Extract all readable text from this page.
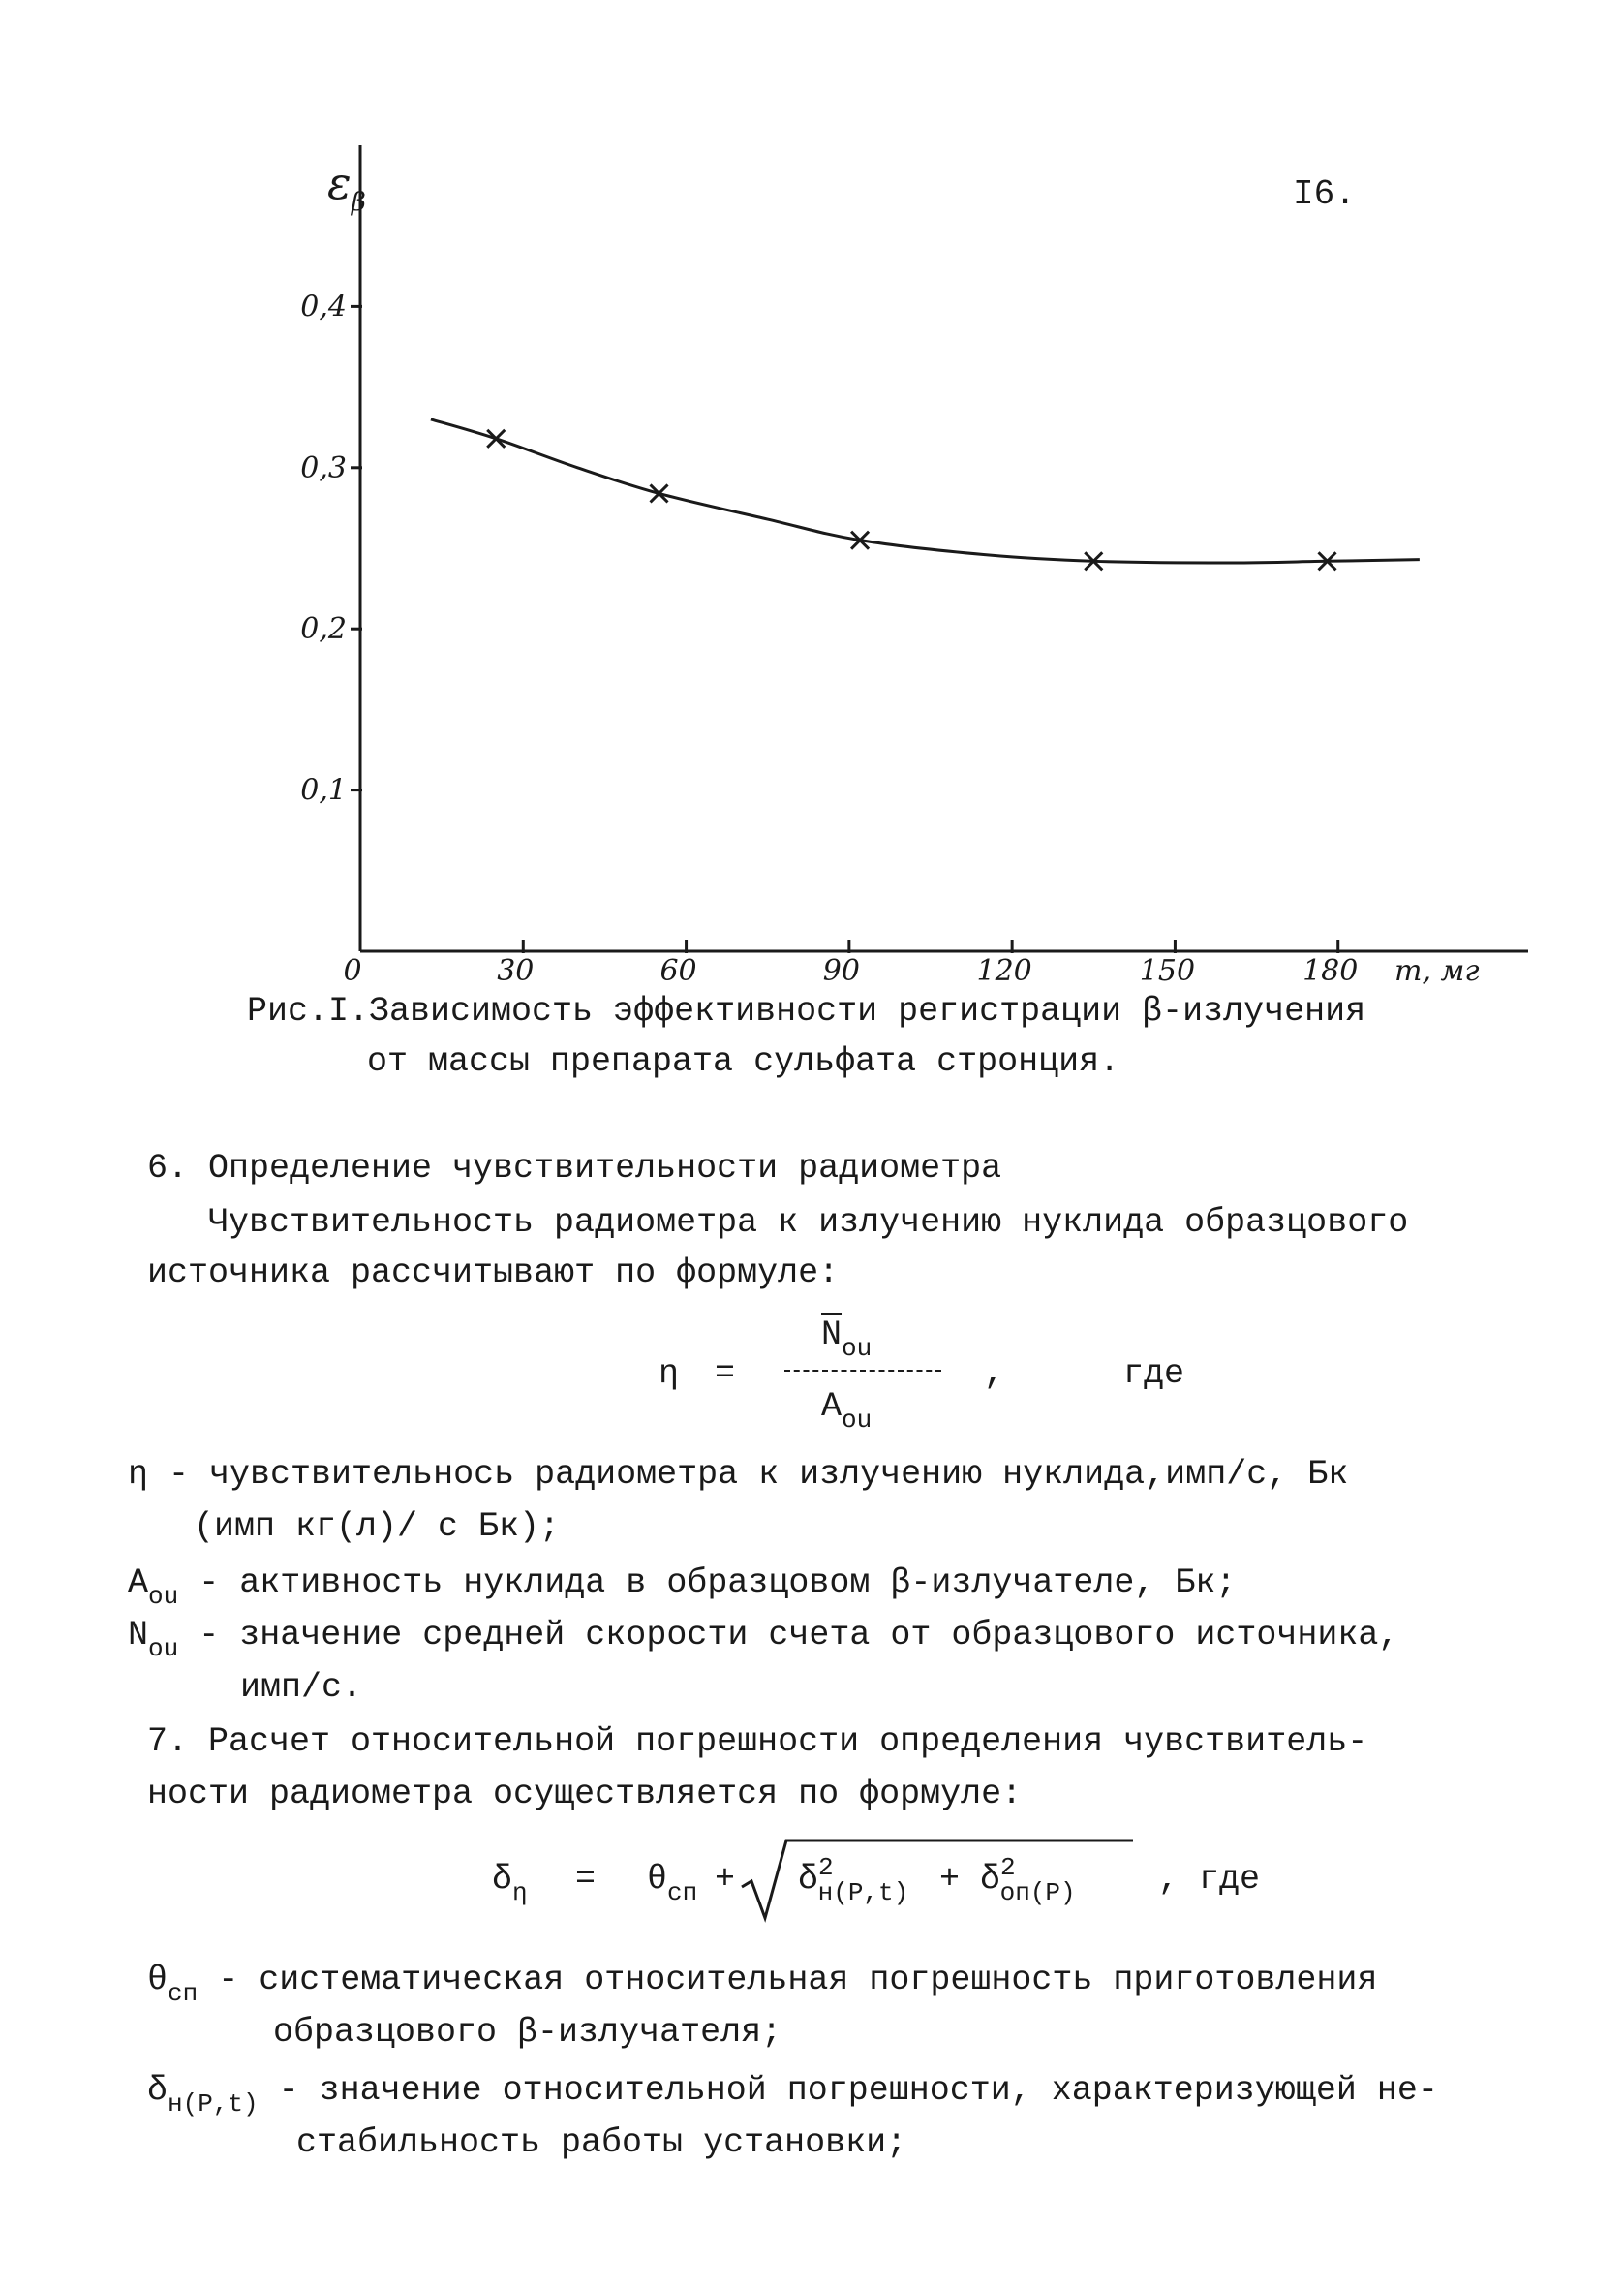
I6.
$\varepsilon_\beta$
m, мг
0,1
0,2
0,3
0,4
0	30	60	90	120	150	180
Рис.I.Зависимость эффективности регистрации β-излучения
от массы препарата сульфата стронция.
6. Определение чувствительности радиометра
Чувствительность радиометра к излучению нуклида образцового
источника рассчитывают по формуле:
η =
$\overline{N}_{ou}$
$A_{ou}$
,	где
η - чувствительнось радиометра к излучению нуклида,имп/с, Бк
(имп кг(л)/ с Бк);
$A_{ou}$ - активность нуклида в образцовом β-излучателе, Бк;
$N_{ou}$ - значение средней скорости счета от образцового источника,
имп/с.
7. Расчет относительной погрешности определения чувствитель-
ности радиометра осуществляется по формуле:
$\delta_\eta = \theta_{сп} + \delta^2_{н(P,t)} + \delta^2_{оп(P)}$ , где
$\theta_{сп}$ - систематическая относительная погрешность приготовления
образцового β-излучателя;
$\delta_{н(P,t)}$ - значение относительной погрешности, характеризующей не-
стабильность работы установки;
